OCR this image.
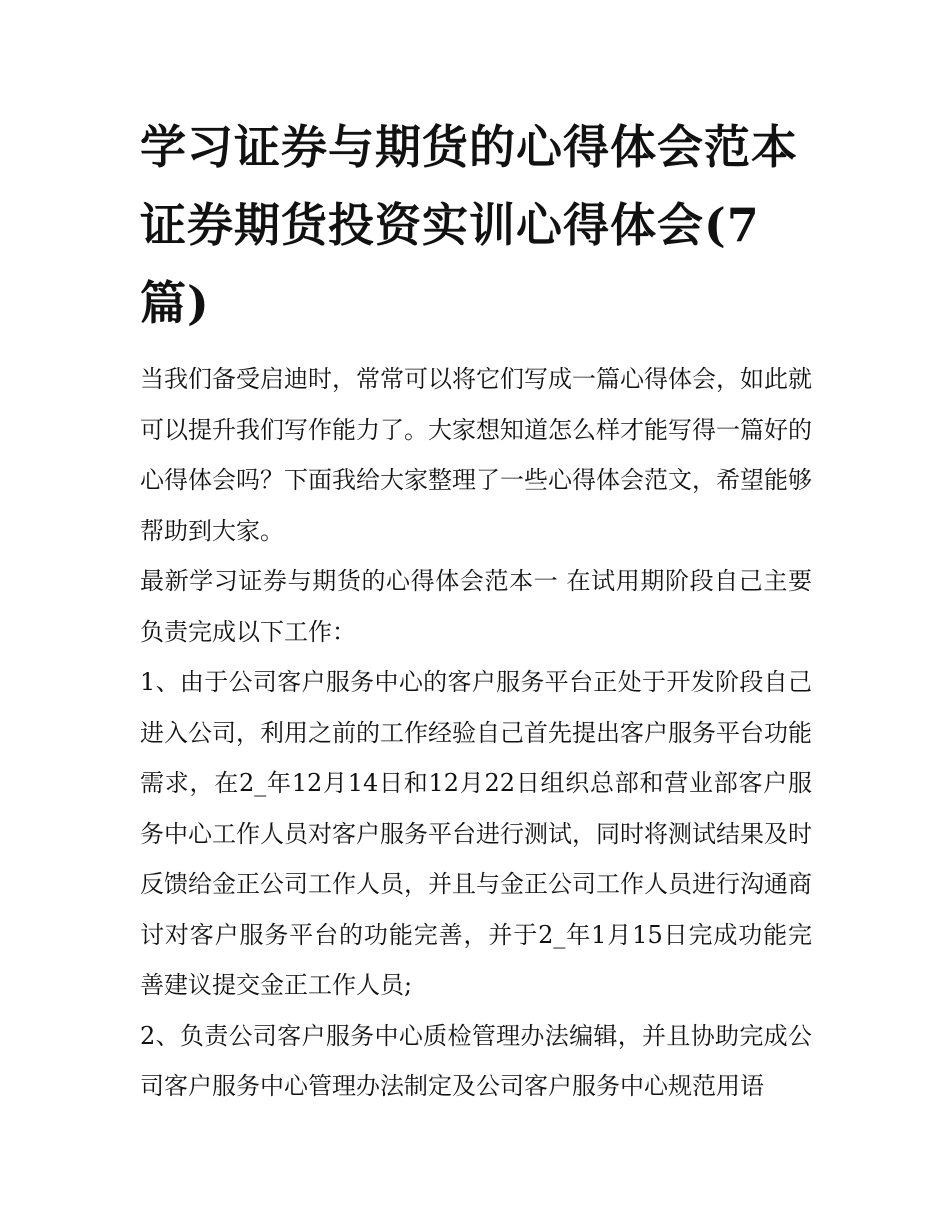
学习证券与期货的心得体会范本 证券期货投资实训心得体会(7篇)

当我们备受启迪时，常常可以将它们写成一篇心得体会，如此就可以提升我们写作能力了。大家想知道怎么样才能写得一篇好的心得体会吗？下面我给大家整理了一些心得体会范文，希望能够帮助到大家。

最新学习证券与期货的心得体会范本一 在试用期阶段自己主要负责完成以下工作：

1、由于公司客户服务中心的客户服务平台正处于开发阶段自己进入公司，利用之前的工作经验自己首先提出客户服务平台功能需求，在2_年12月14日和12月22日组织总部和营业部客户服务中心工作人员对客户服务平台进行测试，同时将测试结果及时反馈给金正公司工作人员，并且与金正公司工作人员进行沟通商讨对客户服务平台的功能完善，并于2_年1月15日完成功能完善建议提交金正工作人员;

2、负责公司客户服务中心质检管理办法编辑，并且协助完成公司客户服务中心管理办法制定及公司客户服务中心规范用语
